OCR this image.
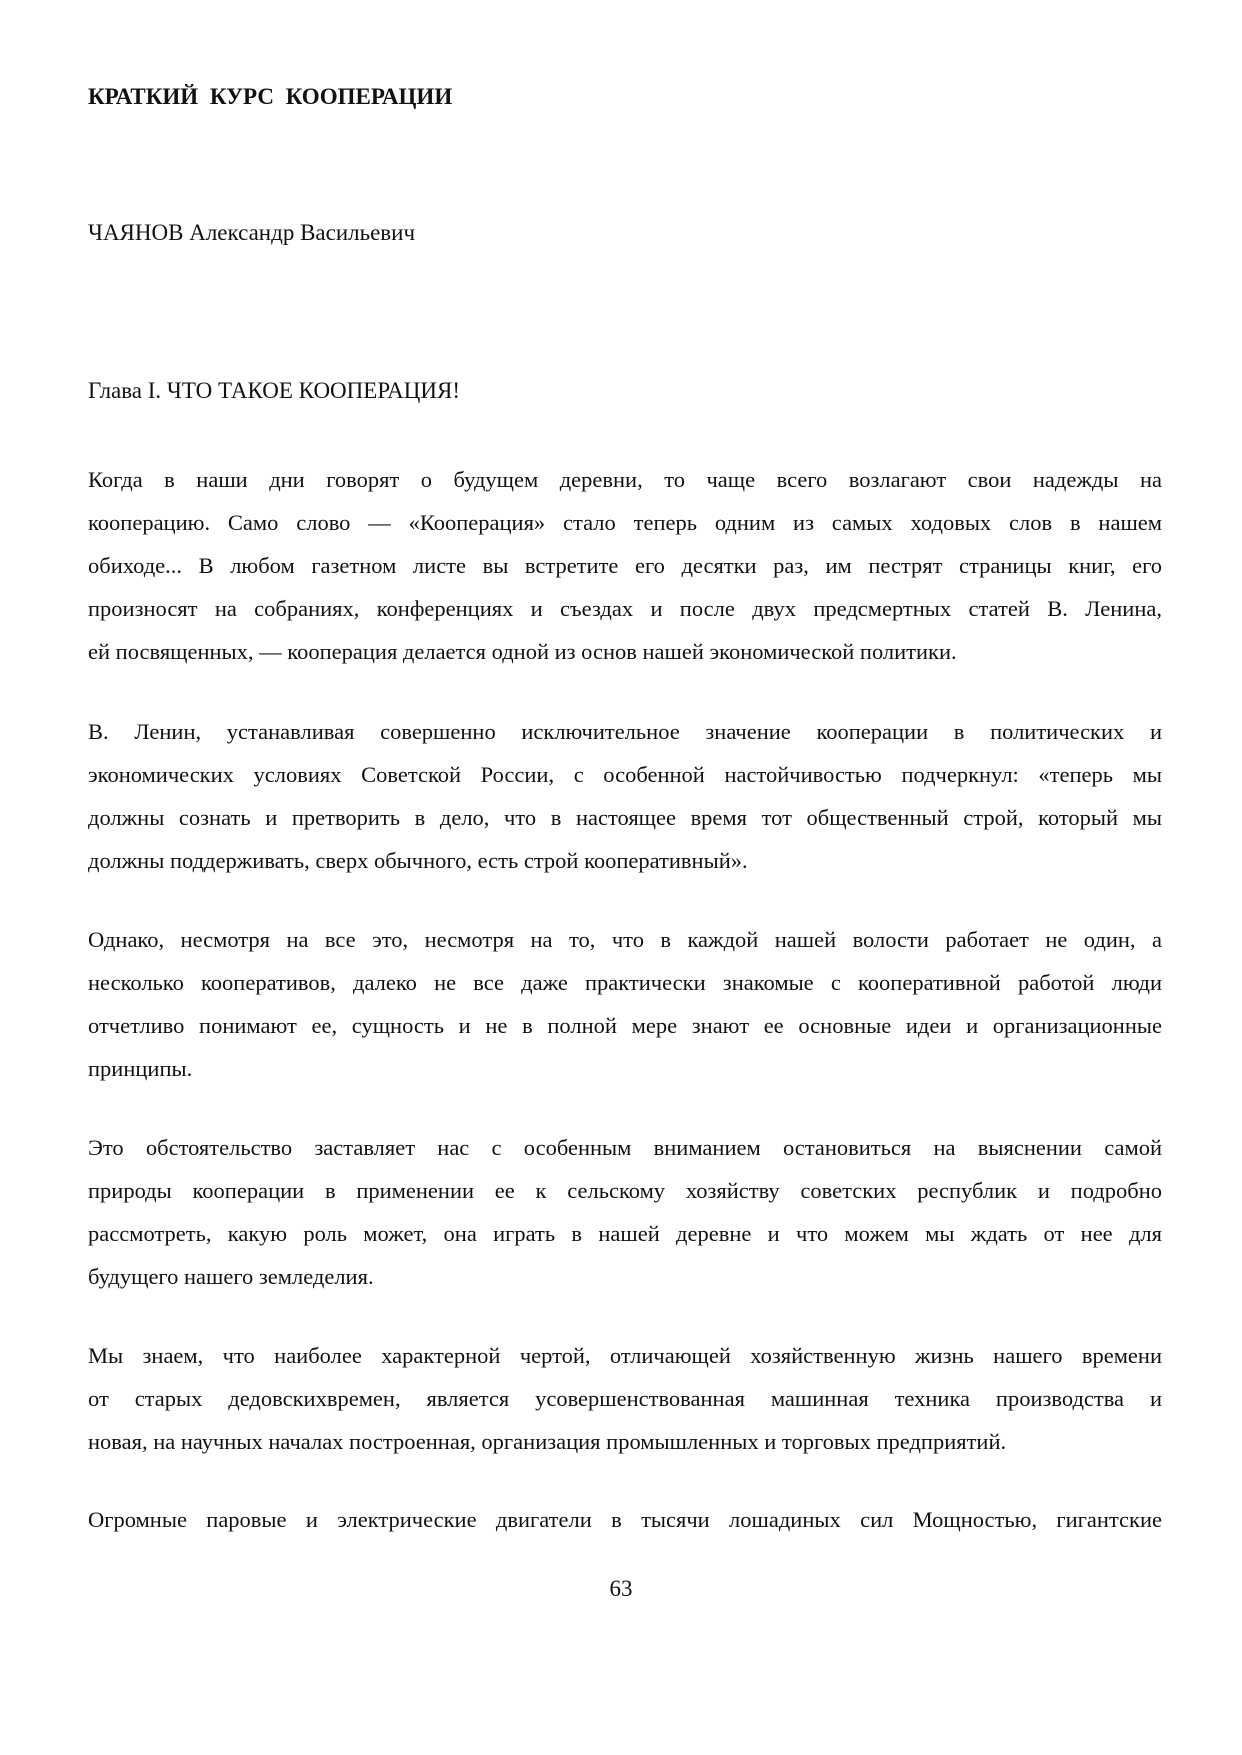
КРАТКИЙ КУРС КООПЕРАЦИИ
ЧАЯНОВ Александр Васильевич
Глава I. ЧТО ТАКОЕ КООПЕРАЦИЯ!
Когда в наши дни говорят о будущем деревни, то чаще всего возлагают свои надежды на
кооперацию. Само слово — «Кооперация» стало теперь одним из самых ходовых слов в нашем
обиходе... В любом газетном листе вы встретите его десятки раз, им пестрят страницы книг, его
произносят на собраниях, конференциях и съездах и после двух предсмертных статей В. Ленина,
ей посвященных, — кооперация делается одной из основ нашей экономической политики.
В. Ленин, устанавливая совершенно исключительное значение кооперации в политических и
экономических условиях Советской России, с особенной настойчивостью подчеркнул: «теперь мы
должны сознать и претворить в дело, что в настоящее время тот общественный строй, который мы
должны поддерживать, сверх обычного, есть строй кооперативный».
Однако, несмотря на все это, несмотря на то, что в каждой нашей волости работает не один, а
несколько кооперативов, далеко не все даже практически знакомые с кооперативной работой люди
отчетливо понимают ее, сущность и не в полной мере знают ее основные идеи и организационные
принципы.
Это обстоятельство заставляет нас с особенным вниманием остановиться на выяснении самой
природы кооперации в применении ее к сельскому хозяйству советских республик и подробно
рассмотреть, какую роль может, она играть в нашей деревне и что можем мы ждать от нее для
будущего нашего земледелия.
Мы знаем, что наиболее характерной чертой, отличающей хозяйственную жизнь нашего времени
от старых дедовскихвремен, является усовершенствованная машинная техника производства и
новая, на научных началах построенная, организация промышленных и торговых предприятий.
Огромные паровые и электрические двигатели в тысячи лошадиных сил Мощностью, гигантские
63
